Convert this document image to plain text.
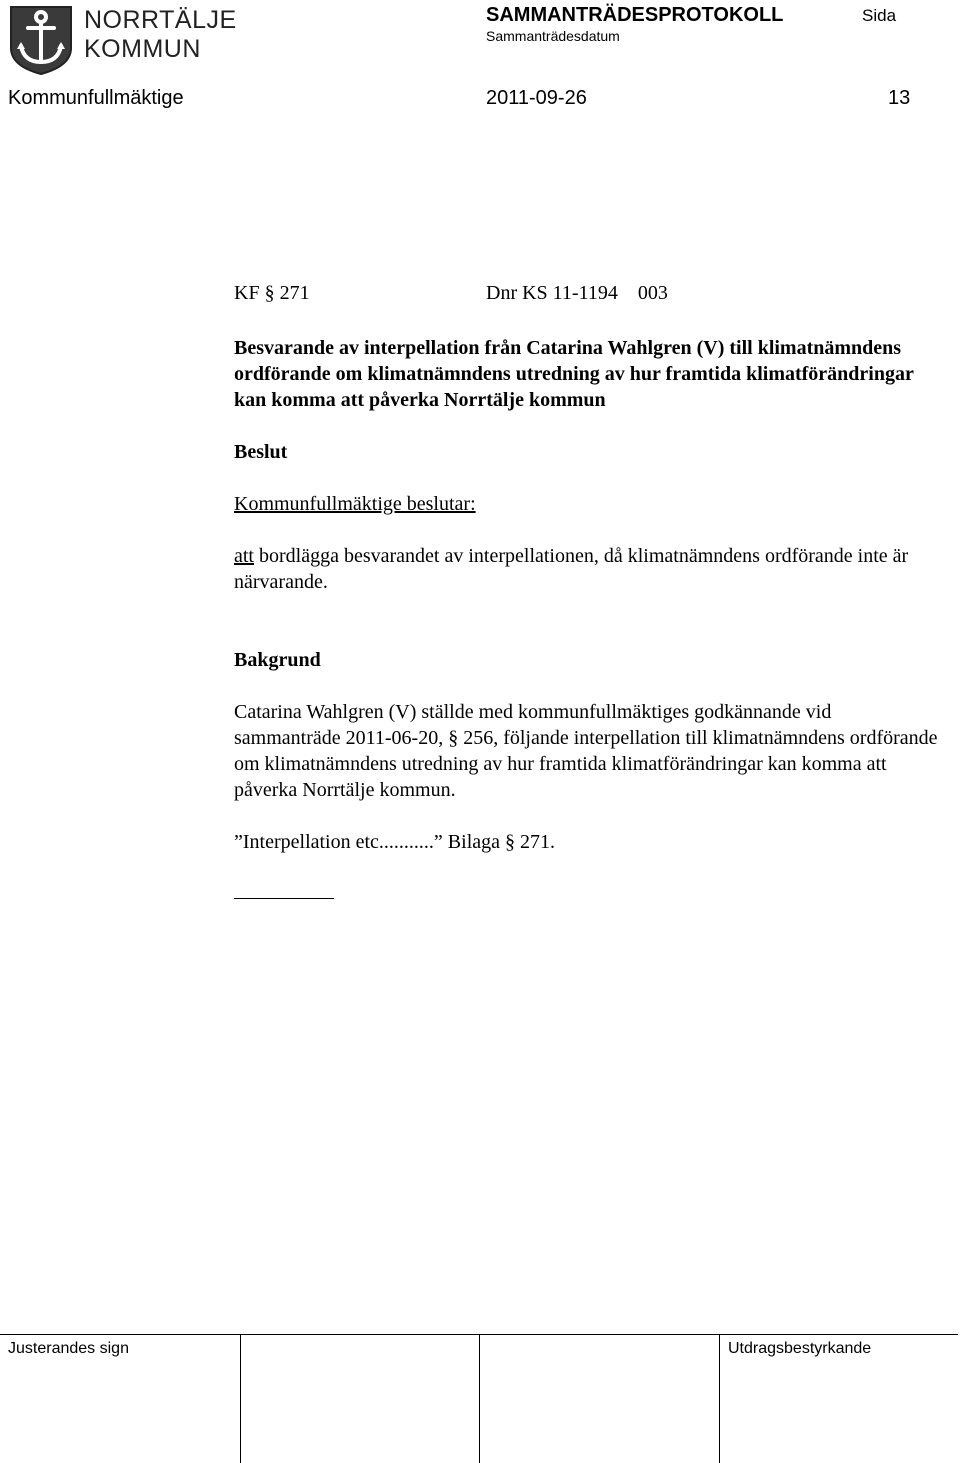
NORRTÄLJE
KOMMUN
SAMMANTRÄDESPROTOKOLL
Sammanträdesdatum
Sida
Kommunfullmäktige	2011-09-26	13
KF § 271	Dnr KS 11-1194    003
Besvarande av interpellation från Catarina Wahlgren (V) till klimatnämndens ordförande om klimatnämndens utredning av hur framtida klimatförändringar kan komma att påverka Norrtälje kommun
Beslut

Kommunfullmäktige beslutar:

att bordlägga besvarandet av interpellationen, då klimatnämndens ordförande inte är närvarande.

Bakgrund

Catarina Wahlgren (V) ställde med kommunfullmäktiges godkännande vid sammanträde 2011-06-20, § 256, följande interpellation till klimatnämndens ordförande om klimatnämndens utredning av hur framtida klimatförändringar kan komma att påverka Norrtälje kommun.

”Interpellation etc...........” Bilaga § 271.

Justerandes sign	Utdragsbestyrkande
